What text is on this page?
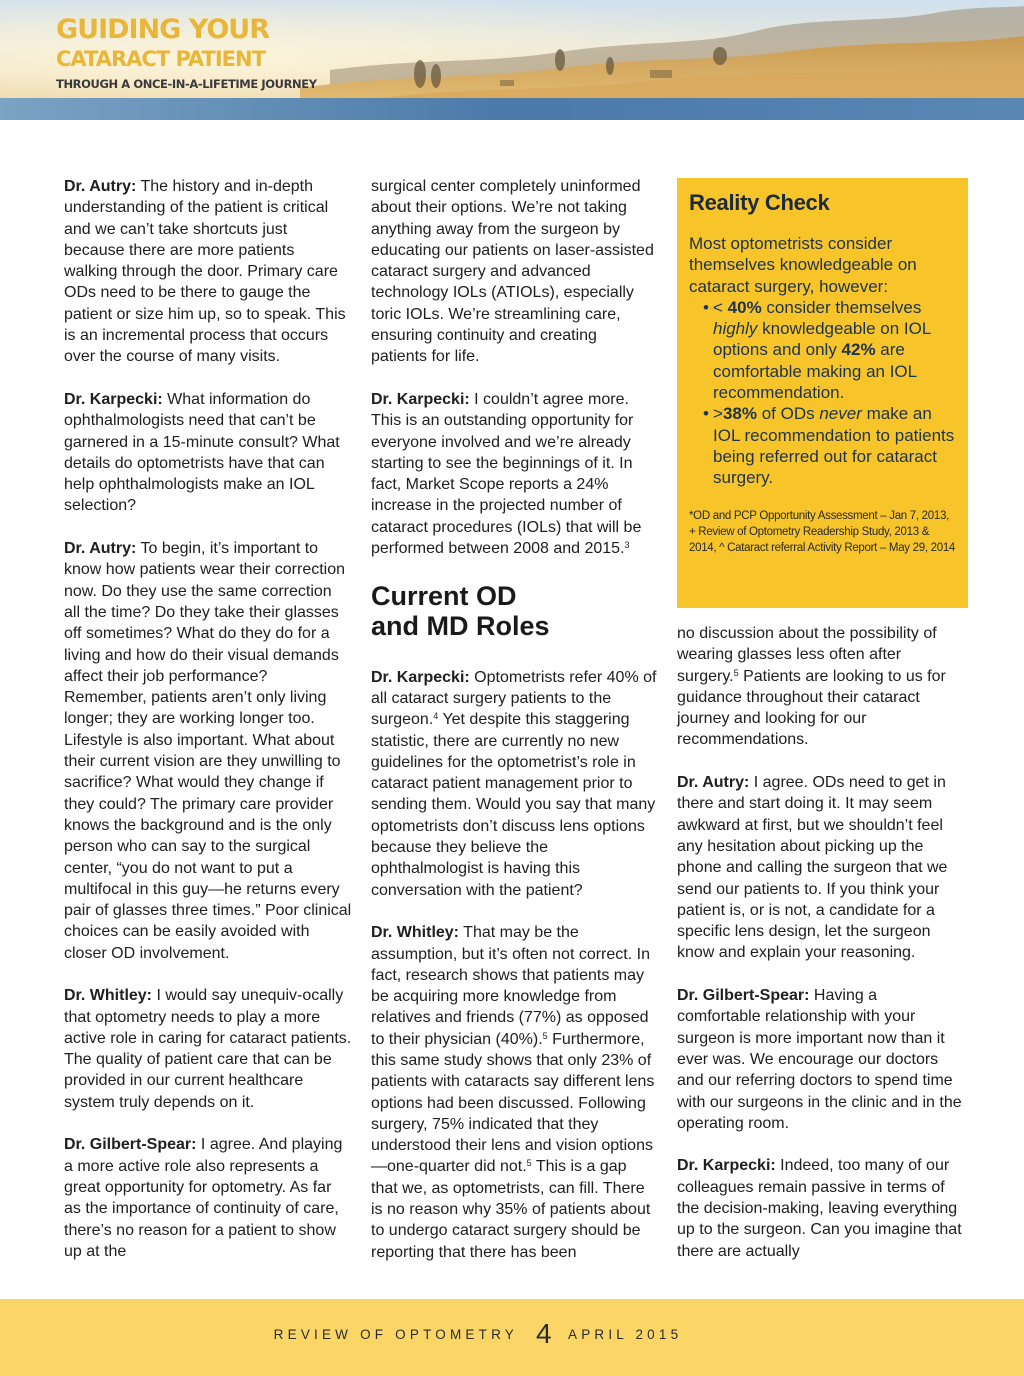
GUIDING YOUR
CATARACT PATIENT
THROUGH A ONCE-IN-A-LIFETIME JOURNEY

Dr. Autry: The history and in-depth understanding of the patient is critical and we can’t take shortcuts just because there are more patients walking through the door. Primary care ODs need to be there to gauge the patient or size him up, so to speak. This is an incremental process that occurs over the course of many visits.

Dr. Karpecki: What information do ophthalmologists need that can’t be garnered in a 15-minute consult? What details do optometrists have that can help ophthalmologists make an IOL selection?

Dr. Autry: To begin, it’s important to know how patients wear their correction now. Do they use the same correction all the time? Do they take their glasses off sometimes? What do they do for a living and how do their visual demands affect their job performance? Remember, patients aren’t only living longer; they are working longer too. Lifestyle is also important. What about their current vision are they unwilling to sacrifice? What would they change if they could? The primary care provider knows the background and is the only person who can say to the surgical center, “you do not want to put a multifocal in this guy—he returns every pair of glasses three times.” Poor clinical choices can be easily avoided with closer OD involvement.

Dr. Whitley: I would say unequiv-ocally that optometry needs to play a more active role in caring for cataract patients. The quality of patient care that can be provided in our current healthcare system truly depends on it.

Dr. Gilbert-Spear: I agree. And playing a more active role also represents a great opportunity for optometry. As far as the importance of continuity of care, there’s no reason for a patient to show up at the

surgical center completely uninformed about their options. We’re not taking anything away from the surgeon by educating our patients on laser-assisted cataract surgery and advanced technology IOLs (ATIOLs), especially toric IOLs. We’re streamlining care, ensuring continuity and creating patients for life.

Dr. Karpecki: I couldn’t agree more. This is an outstanding opportunity for everyone involved and we’re already starting to see the beginnings of it. In fact, Market Scope reports a 24% increase in the projected number of cataract procedures (IOLs) that will be performed between 2008 and 2015.$^3$

Current OD
and MD Roles

Dr. Karpecki: Optometrists refer 40% of all cataract surgery patients to the surgeon.$^4$ Yet despite this staggering statistic, there are currently no new guidelines for the optometrist’s role in cataract patient management prior to sending them. Would you say that many optometrists don’t discuss lens options because they believe the ophthalmologist is having this conversation with the patient?

Dr. Whitley: That may be the assumption, but it’s often not correct. In fact, research shows that patients may be acquiring more knowledge from relatives and friends (77%) as opposed to their physician (40%).$^5$ Furthermore, this same study shows that only 23% of patients with cataracts say different lens options had been discussed. Following surgery, 75% indicated that they understood their lens and vision options—one-quarter did not.$^5$ This is a gap that we, as optometrists, can fill. There is no reason why 35% of patients about to undergo cataract surgery should be reporting that there has been

Reality Check

Most optometrists consider themselves knowledgeable on cataract surgery, however:

• < 40% consider themselves highly knowledgeable on IOL options and only 42% are comfortable making an IOL recommendation.
• >38% of ODs never make an IOL recommendation to patients being referred out for cataract surgery.

*OD and PCP Opportunity Assessment – Jan 7, 2013, + Review of Optometry Readership Study, 2013 & 2014, ^ Cataract referral Activity Report – May 29, 2014

no discussion about the possibility of wearing glasses less often after surgery.$^5$ Patients are looking to us for guidance throughout their cataract journey and looking for our recommendations.

Dr. Autry: I agree. ODs need to get in there and start doing it. It may seem awkward at first, but we shouldn’t feel any hesitation about picking up the phone and calling the surgeon that we send our patients to. If you think your patient is, or is not, a candidate for a specific lens design, let the surgeon know and explain your reasoning.

Dr. Gilbert-Spear: Having a comfortable relationship with your surgeon is more important now than it ever was. We encourage our doctors and our referring doctors to spend time with our surgeons in the clinic and in the operating room.

Dr. Karpecki: Indeed, too many of our colleagues remain passive in terms of the decision-making, leaving everything up to the surgeon. Can you imagine that there are actually

REVIEW OF OPTOMETRY 4 APRIL 2015
